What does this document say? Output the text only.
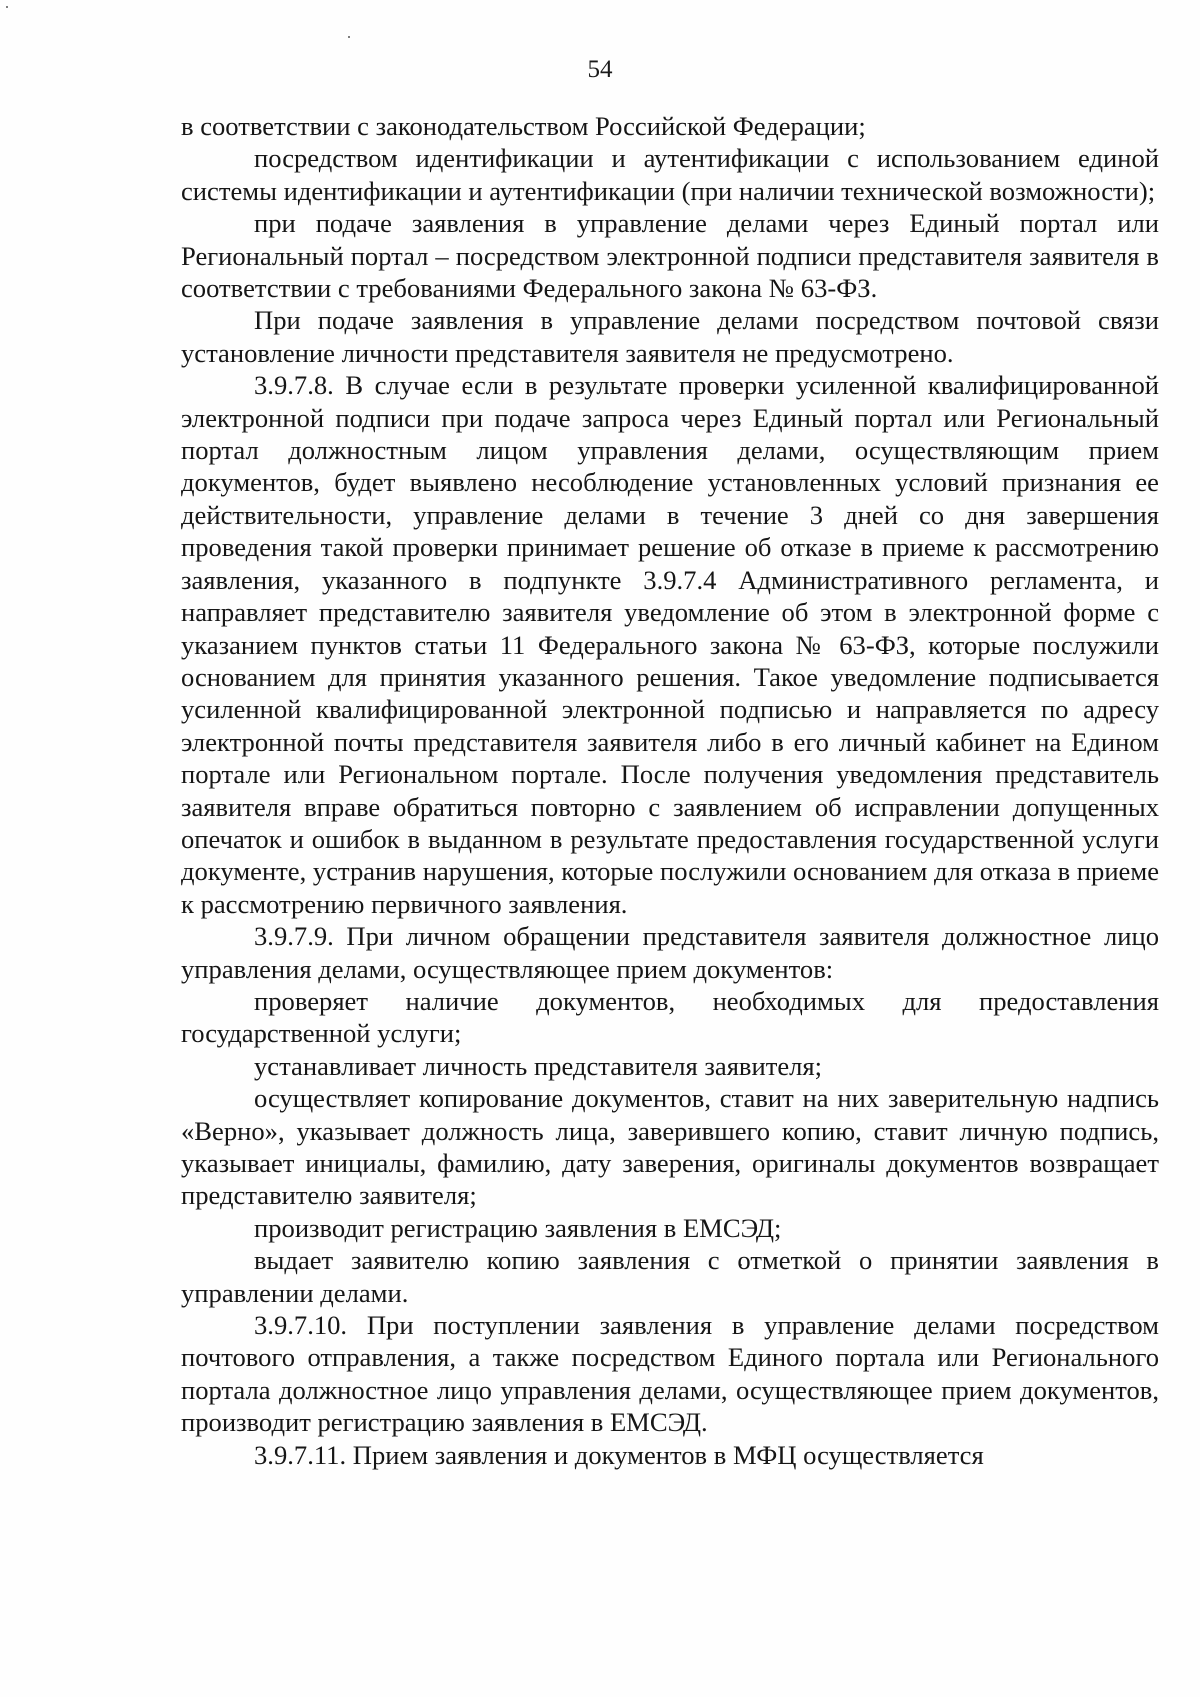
54

в соответствии с законодательством Российской Федерации;

посредством идентификации и аутентификации с использованием единой системы идентификации и аутентификации (при наличии технической возможности);

при подаче заявления в управление делами через Единый портал или Региональный портал – посредством электронной подписи представителя заявителя в соответствии с требованиями Федерального закона № 63-ФЗ.

При подаче заявления в управление делами посредством почтовой связи установление личности представителя заявителя не предусмотрено.

3.9.7.8. В случае если в результате проверки усиленной квалифицированной электронной подписи при подаче запроса через Единый портал или Региональный портал должностным лицом управления делами, осуществляющим прием документов, будет выявлено несоблюдение установленных условий признания ее действительности, управление делами в течение 3 дней со дня завершения проведения такой проверки принимает решение об отказе в приеме к рассмотрению заявления, указанного в подпункте 3.9.7.4 Административного регламента, и направляет представителю заявителя уведомление об этом в электронной форме с указанием пунктов статьи 11 Федерального закона № 63-ФЗ, которые послужили основанием для принятия указанного решения. Такое уведомление подписывается усиленной квалифицированной электронной подписью и направляется по адресу электронной почты представителя заявителя либо в его личный кабинет на Едином портале или Региональном портале. После получения уведомления представитель заявителя вправе обратиться повторно с заявлением об исправлении допущенных опечаток и ошибок в выданном в результате предоставления государственной услуги документе, устранив нарушения, которые послужили основанием для отказа в приеме к рассмотрению первичного заявления.

3.9.7.9. При личном обращении представителя заявителя должностное лицо управления делами, осуществляющее прием документов:

проверяет наличие документов, необходимых для предоставления государственной услуги;

устанавливает личность представителя заявителя;

осуществляет копирование документов, ставит на них заверительную надпись «Верно», указывает должность лица, заверившего копию, ставит личную подпись, указывает инициалы, фамилию, дату заверения, оригиналы документов возвращает представителю заявителя;

производит регистрацию заявления в ЕМСЭД;

выдает заявителю копию заявления с отметкой о принятии заявления в управлении делами.

3.9.7.10. При поступлении заявления в управление делами посредством почтового отправления, а также посредством Единого портала или Регионального портала должностное лицо управления делами, осуществляющее прием документов, производит регистрацию заявления в ЕМСЭД.

3.9.7.11. Прием заявления и документов в МФЦ осуществляется
